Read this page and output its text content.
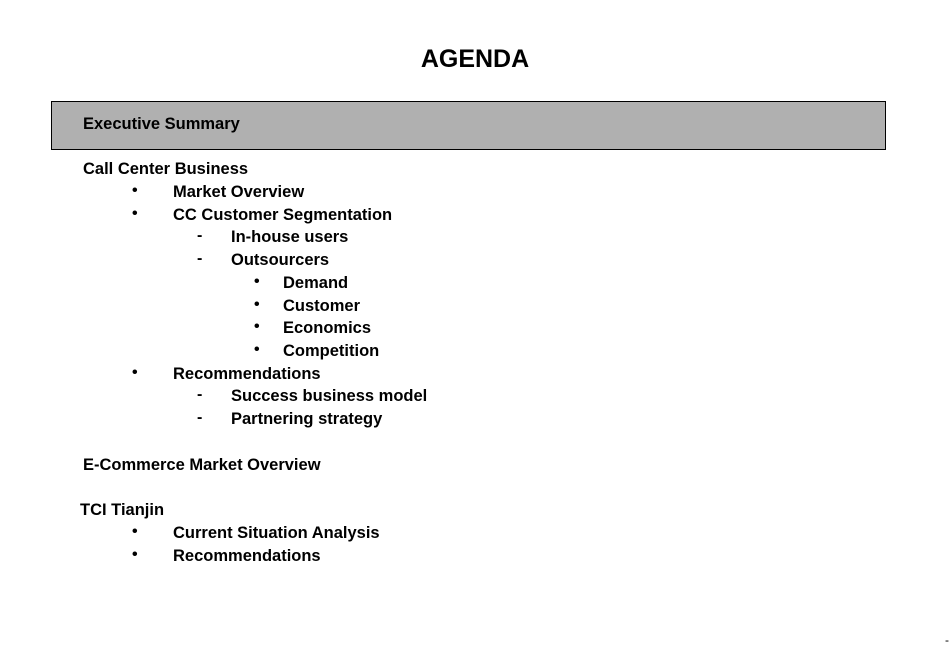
AGENDA
Executive Summary
Call Center Business
• Market Overview
• CC Customer Segmentation
- In-house users
- Outsourcers
• Demand
• Customer
• Economics
• Competition
• Recommendations
- Success business model
- Partnering strategy
E-Commerce Market Overview
TCI Tianjin
• Current Situation Analysis
• Recommendations
-
